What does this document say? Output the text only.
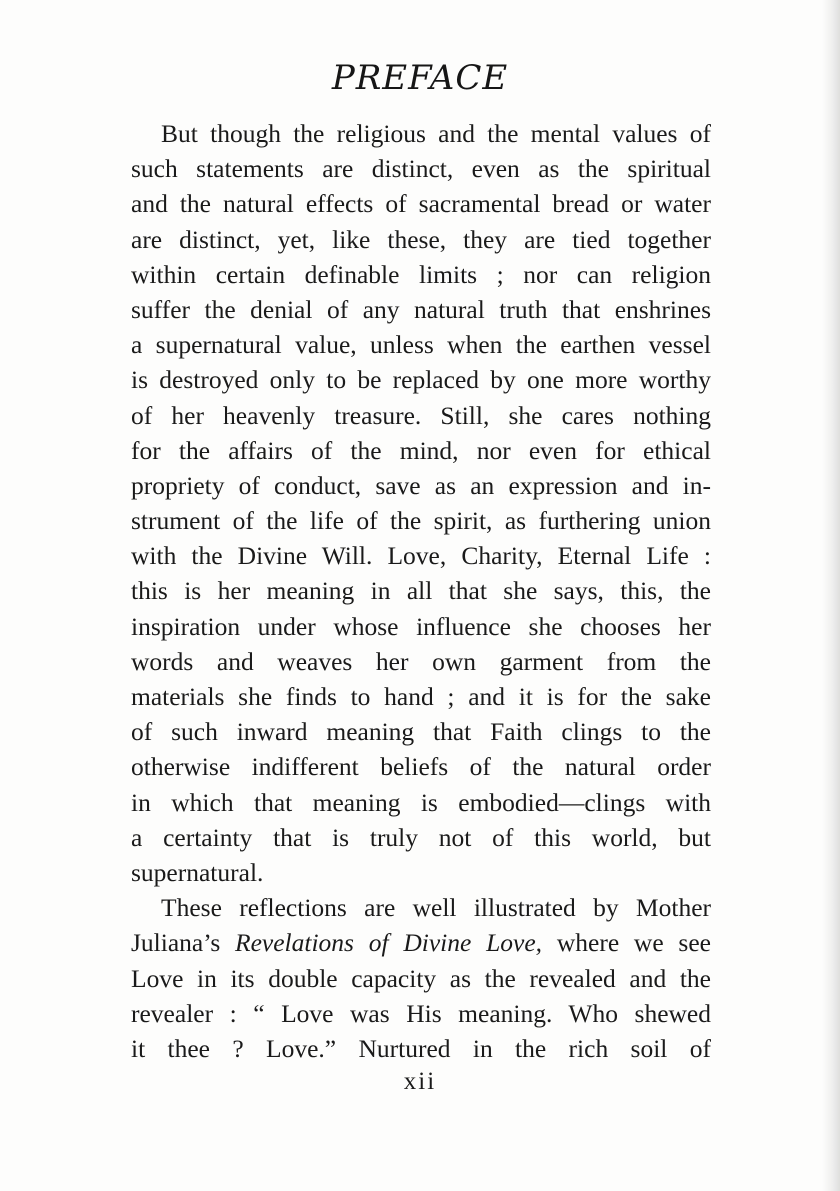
PREFACE
But though the religious and the mental values of
such statements are distinct, even as the spiritual
and the natural effects of sacramental bread or water
are distinct, yet, like these, they are tied together
within certain definable limits ; nor can religion
suffer the denial of any natural truth that enshrines
a supernatural value, unless when the earthen vessel
is destroyed only to be replaced by one more worthy
of her heavenly treasure. Still, she cares nothing
for the affairs of the mind, nor even for ethical
propriety of conduct, save as an expression and in-
strument of the life of the spirit, as furthering union
with the Divine Will. Love, Charity, Eternal Life :
this is her meaning in all that she says, this, the
inspiration under whose influence she chooses her
words and weaves her own garment from the
materials she finds to hand ; and it is for the sake
of such inward meaning that Faith clings to the
otherwise indifferent beliefs of the natural order
in which that meaning is embodied—clings with
a certainty that is truly not of this world, but
supernatural.
These reflections are well illustrated by Mother
Juliana’s Revelations of Divine Love, where we see
Love in its double capacity as the revealed and the
revealer : “ Love was His meaning. Who shewed
it thee ? Love.” Nurtured in the rich soil of
xii
